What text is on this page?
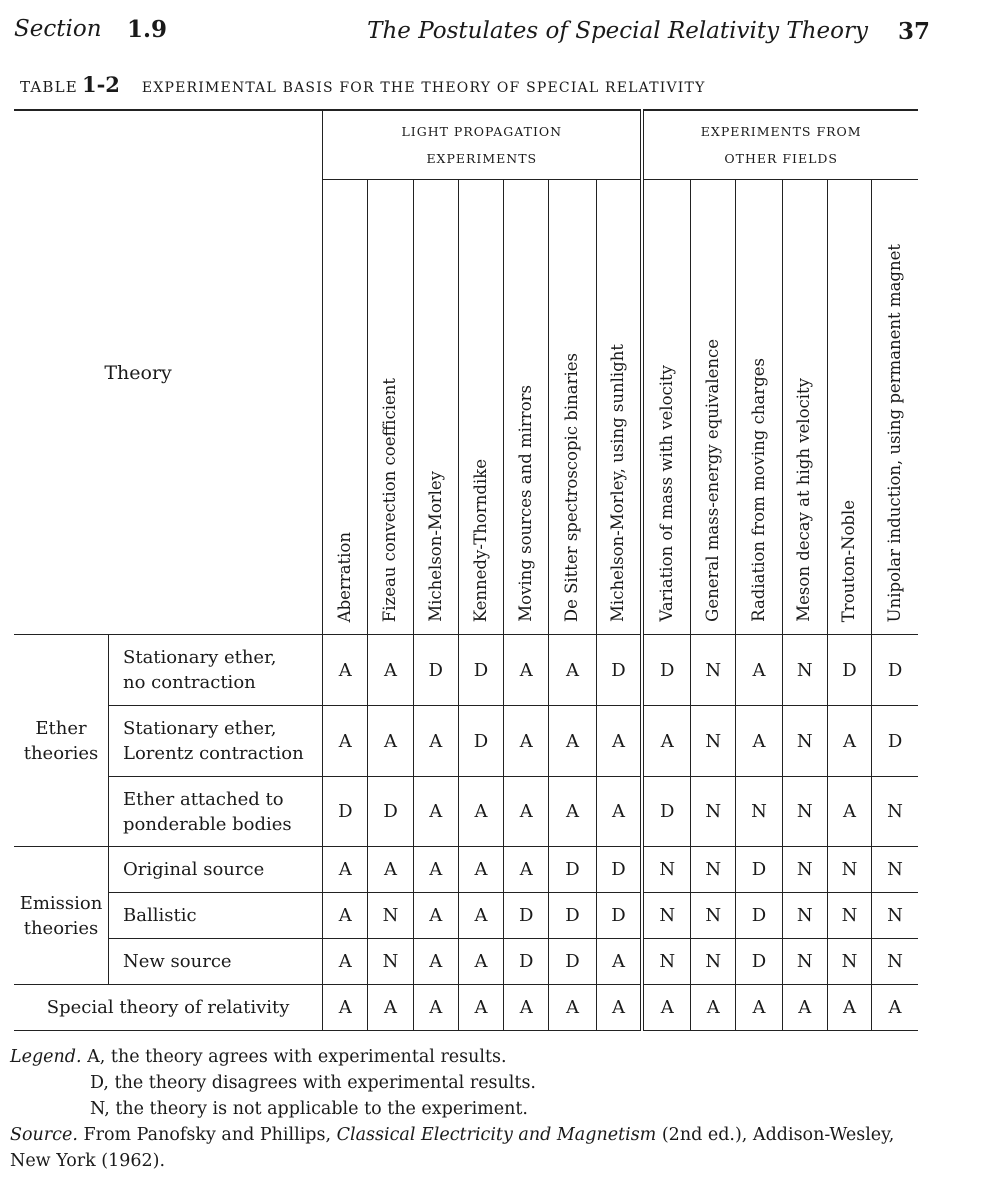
Section 1.9	The Postulates of Special Relativity Theory 37
TABLE 1-2 EXPERIMENTAL BASIS FOR THE THEORY OF SPECIAL RELATIVITY
Theory		LIGHT PROPAGATION
EXPERIMENTS							EXPERIMENTS FROM
OTHER FIELDS					
		Aberration	Fizeau convection coefficient	Michelson-Morley	Kennedy-Thorndike	Moving sources and mirrors	De Sitter spectroscopic binaries	Michelson-Morley, using sunlight	Variation of mass with velocity	General mass-energy equivalence	Radiation from moving charges	Meson decay at high velocity	Trouton-Noble	Unipolar induction, using permanent magnet
Ether
theories	Stationary ether,
no contraction	A	A	D	D	A	A	D	D	N	A	N	D	D
	Stationary ether,
Lorentz contraction	A	A	A	D	A	A	A	A	N	A	N	A	D
	Ether attached to
ponderable bodies	D	D	A	A	A	A	A	D	N	N	N	A	N
Emission
theories	Original source	A	A	A	A	A	D	D	N	N	D	N	N	N
	Ballistic	A	N	A	A	D	D	D	N	N	D	N	N	N
	New source	A	N	A	A	D	D	A	N	N	D	N	N	N
Special theory of relativity		A	A	A	A	A	A	A	A	A	A	A	A	A
Legend. A, the theory agrees with experimental results.
D, the theory disagrees with experimental results.
N, the theory is not applicable to the experiment.
Source. From Panofsky and Phillips, Classical Electricity and Magnetism (2nd ed.), Addison-Wesley,
New York (1962).
